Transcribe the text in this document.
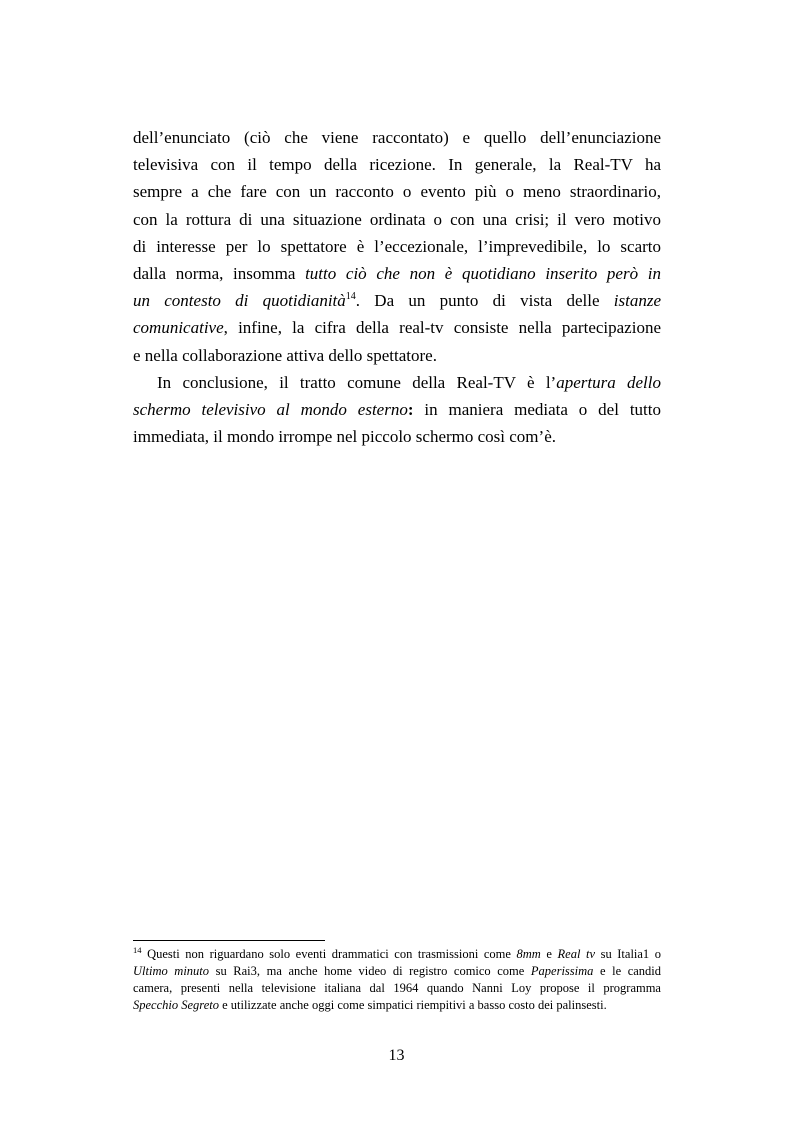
dell’enunciato (ciò che viene raccontato) e quello dell’enunciazione
televisiva con il tempo della ricezione. In generale, la Real-TV ha
sempre a che fare con un racconto o evento più o meno straordinario,
con la rottura di una situazione ordinata o con una crisi; il vero motivo
di interesse per lo spettatore è l’eccezionale, l’imprevedibile, lo scarto
dalla norma, insomma tutto ciò che non è quotidiano inserito però in
un contesto di quotidianità$^{14}$. Da un punto di vista delle istanze
comunicative, infine, la cifra della real-tv consiste nella partecipazione
e nella collaborazione attiva dello spettatore.
In conclusione, il tratto comune della Real-TV è l’apertura dello
schermo televisivo al mondo esterno: in maniera mediata o del tutto
immediata, il mondo irrompe nel piccolo schermo così com’è.
$^{14}$ Questi non riguardano solo eventi drammatici con trasmissioni come 8mm e Real tv su Italia1 o
Ultimo minuto su Rai3, ma anche home video di registro comico come Paperissima e le candid
camera, presenti nella televisione italiana dal 1964 quando Nanni Loy propose il programma
Specchio Segreto e utilizzate anche oggi come simpatici riempitivi a basso costo dei palinsesti.
13
